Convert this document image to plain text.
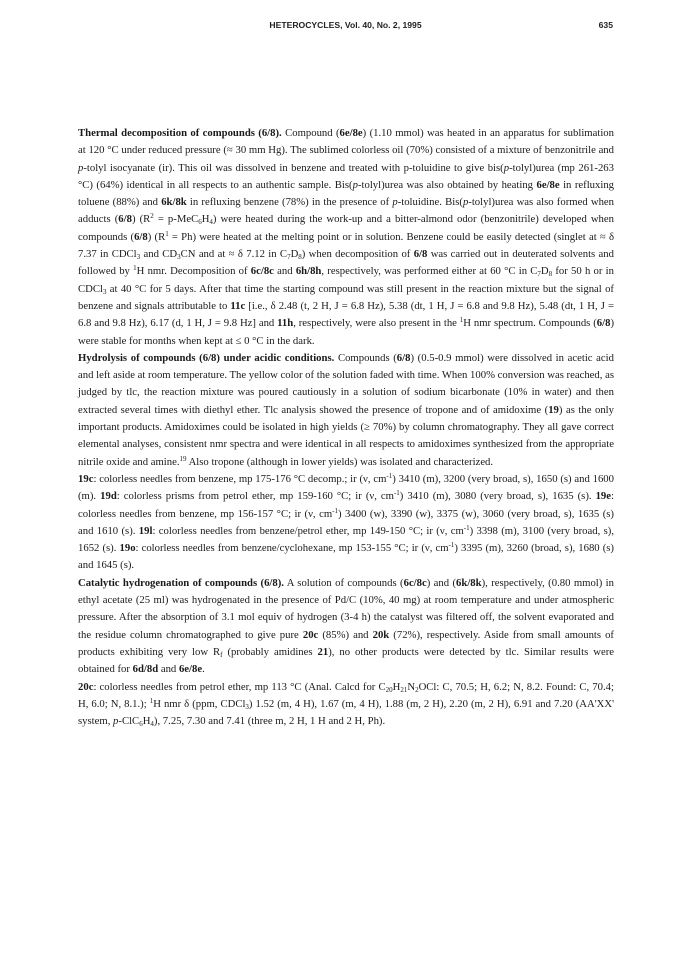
HETEROCYCLES, Vol. 40, No. 2, 1995	635

Thermal decomposition of compounds (6/8). Compound (6e/8e) (1.10 mmol) was heated in an apparatus for sublimation at 120 °C under reduced pressure (≈ 30 mm Hg). The sublimed colorless oil (70%) consisted of a mixture of benzonitrile and p-tolyl isocyanate (ir). This oil was dissolved in benzene and treated with p-toluidine to give bis(p-tolyl)urea (mp 261-263 °C) (64%) identical in all respects to an authentic sample. Bis(p-tolyl)urea was also obtained by heating 6e/8e in refluxing toluene (88%) and 6k/8k in refluxing benzene (78%) in the presence of p-toluidine. Bis(p-tolyl)urea was also formed when adducts (6/8) $(R^2 = p-MeC_6H_4)$ were heated during the work-up and a bitter-almond odor (benzonitrile) developed when compounds (6/8) $(R^1 = Ph)$ were heated at the melting point or in solution. Benzene could be easily detected (singlet at ≈ δ 7.37 in CDCl$_3$ and $CD_3CN$ and at ≈ δ 7.12 in $C_7D_8$) when decomposition of 6/8 was carried out in deuterated solvents and followed by $^1$H nmr. Decomposition of 6c/8c and 6h/8h, respectively, was performed either at 60 °C in $C_7D_8$ for 50 h or in CDCl$_3$ at 40 °C for 5 days. After that time the starting compound was still present in the reaction mixture but the signal of benzene and signals attributable to 11c [i.e., δ 2.48 (t, 2 H, J = 6.8 Hz), 5.38 (dt, 1 H, J = 6.8 and 9.8 Hz), 5.48 (dt, 1 H, J = 6.8 and 9.8 Hz), 6.17 (d, 1 H, J = 9.8 Hz] and 11h, respectively, were also present in the $^1$H nmr spectrum. Compounds (6/8) were stable for months when kept at ≤ 0 °C in the dark.

Hydrolysis of compounds (6/8) under acidic conditions. Compounds (6/8) (0.5-0.9 mmol) were dissolved in acetic acid and left aside at room temperature. The yellow color of the solution faded with time. When 100% conversion was reached, as judged by tlc, the reaction mixture was poured cautiously in a solution of sodium bicarbonate (10% in water) and then extracted several times with diethyl ether. Tlc analysis showed the presence of tropone and of amidoxime (19) as the only important products. Amidoximes could be isolated in high yields (≥ 70%) by column chromatography. They all gave correct elemental analyses, consistent nmr spectra and were identical in all respects to amidoximes synthesized from the appropriate nitrile oxide and amine.$^{19}$ Also tropone (although in lower yields) was isolated and characterized.

19c: colorless needles from benzene, mp 175-176 °C decomp.; ir (ν, $cm^{-1}$) 3410 (m), 3200 (very broad, s), 1650 (s) and 1600 (m). 19d: colorless prisms from petrol ether, mp 159-160 °C; ir (ν, $cm^{-1}$) 3410 (m), 3080 (very broad, s), 1635 (s). 19e: colorless needles from benzene, mp 156-157 °C; ir (ν, $cm^{-1}$) 3400 (w), 3390 (w), 3375 (w), 3060 (very broad, s), 1635 (s) and 1610 (s). 19l: colorless needles from benzene/petrol ether, mp 149-150 °C; ir (ν, $cm^{-1}$) 3398 (m), 3100 (very broad, s), 1652 (s). 19o: colorless needles from benzene/cyclohexane, mp 153-155 °C; ir (ν, $cm^{-1}$) 3395 (m), 3260 (broad, s), 1680 (s) and 1645 (s).

Catalytic hydrogenation of compounds (6/8). A solution of compounds (6c/8c) and (6k/8k), respectively, (0.80 mmol) in ethyl acetate (25 ml) was hydrogenated in the presence of Pd/C (10%, 40 mg) at room temperature and under atmospheric pressure. After the absorption of 3.1 mol equiv of hydrogen (3-4 h) the catalyst was filtered off, the solvent evaporated and the residue column chromatographed to give pure 20c (85%) and 20k (72%), respectively. Aside from small amounts of products exhibiting very low $R_f$ (probably amidines 21), no other products were detected by tlc. Similar results were obtained for 6d/8d and 6e/8e.

20c: colorless needles from petrol ether, mp 113 °C (Anal. Calcd for $C_{20}H_{21}N_2OCl$: C, 70.5; H, 6.2; N, 8.2. Found: C, 70.4; H, 6.0; N, 8.1.); $^1$H nmr δ (ppm, CDCl$_3$) 1.52 (m, 4 H), 1.67 (m, 4 H), 1.88 (m, 2 H), 2.20 (m, 2 H), 6.91 and 7.20 (AA'XX' system, $p-ClC_6H_4$), 7.25, 7.30 and 7.41 (three m, 2 H, 1 H and 2 H, Ph).
